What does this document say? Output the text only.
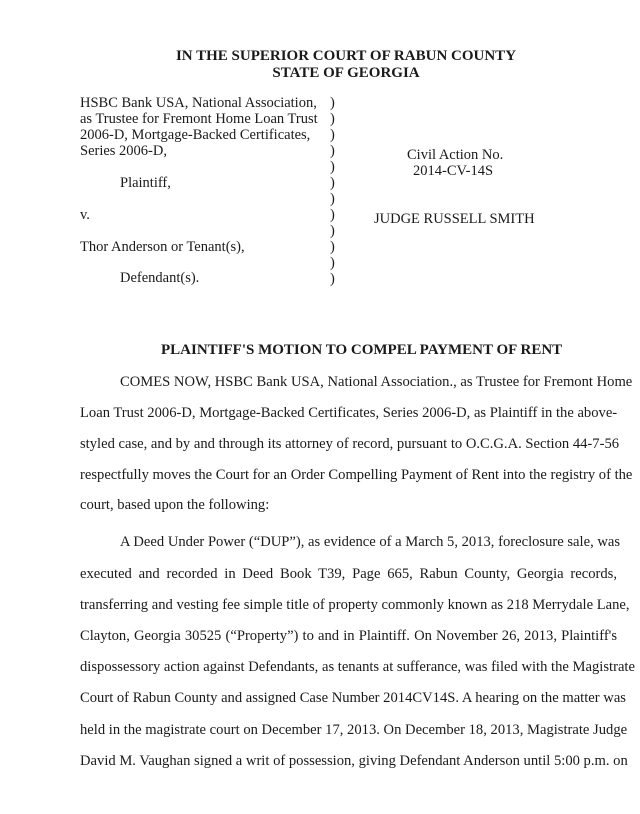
IN THE SUPERIOR COURT OF RABUN COUNTY
STATE OF GEORGIA
HSBC Bank USA, National Association,
as Trustee for Fremont Home Loan Trust
2006-D, Mortgage-Backed Certificates,
Series 2006-D,
Plaintiff,
v.
Thor Anderson or Tenant(s),
Defendant(s).
)
)
)
)
)
)
)
)
)
)
)
)
Civil Action No.
2014-CV-14S
JUDGE RUSSELL SMITH
PLAINTIFF'S MOTION TO COMPEL PAYMENT OF RENT
COMES NOW, HSBC Bank USA, National Association., as Trustee for Fremont Home
Loan Trust 2006-D, Mortgage-Backed Certificates, Series 2006-D, as Plaintiff in the above-
styled case, and by and through its attorney of record, pursuant to O.C.G.A. Section 44-7-56
respectfully moves the Court for an Order Compelling Payment of Rent into the registry of the
court, based upon the following:
A Deed Under Power (“DUP”), as evidence of a March 5, 2013, foreclosure sale, was
executed and recorded in Deed Book T39, Page 665, Rabun County, Georgia records,
transferring and vesting fee simple title of property commonly known as 218 Merrydale Lane,
Clayton, Georgia 30525 (“Property”) to and in Plaintiff. On November 26, 2013, Plaintiff's
dispossessory action against Defendants, as tenants at sufferance, was filed with the Magistrate
Court of Rabun County and assigned Case Number 2014CV14S. A hearing on the matter was
held in the magistrate court on December 17, 2013. On December 18, 2013, Magistrate Judge
David M. Vaughan signed a writ of possession, giving Defendant Anderson until 5:00 p.m. on
